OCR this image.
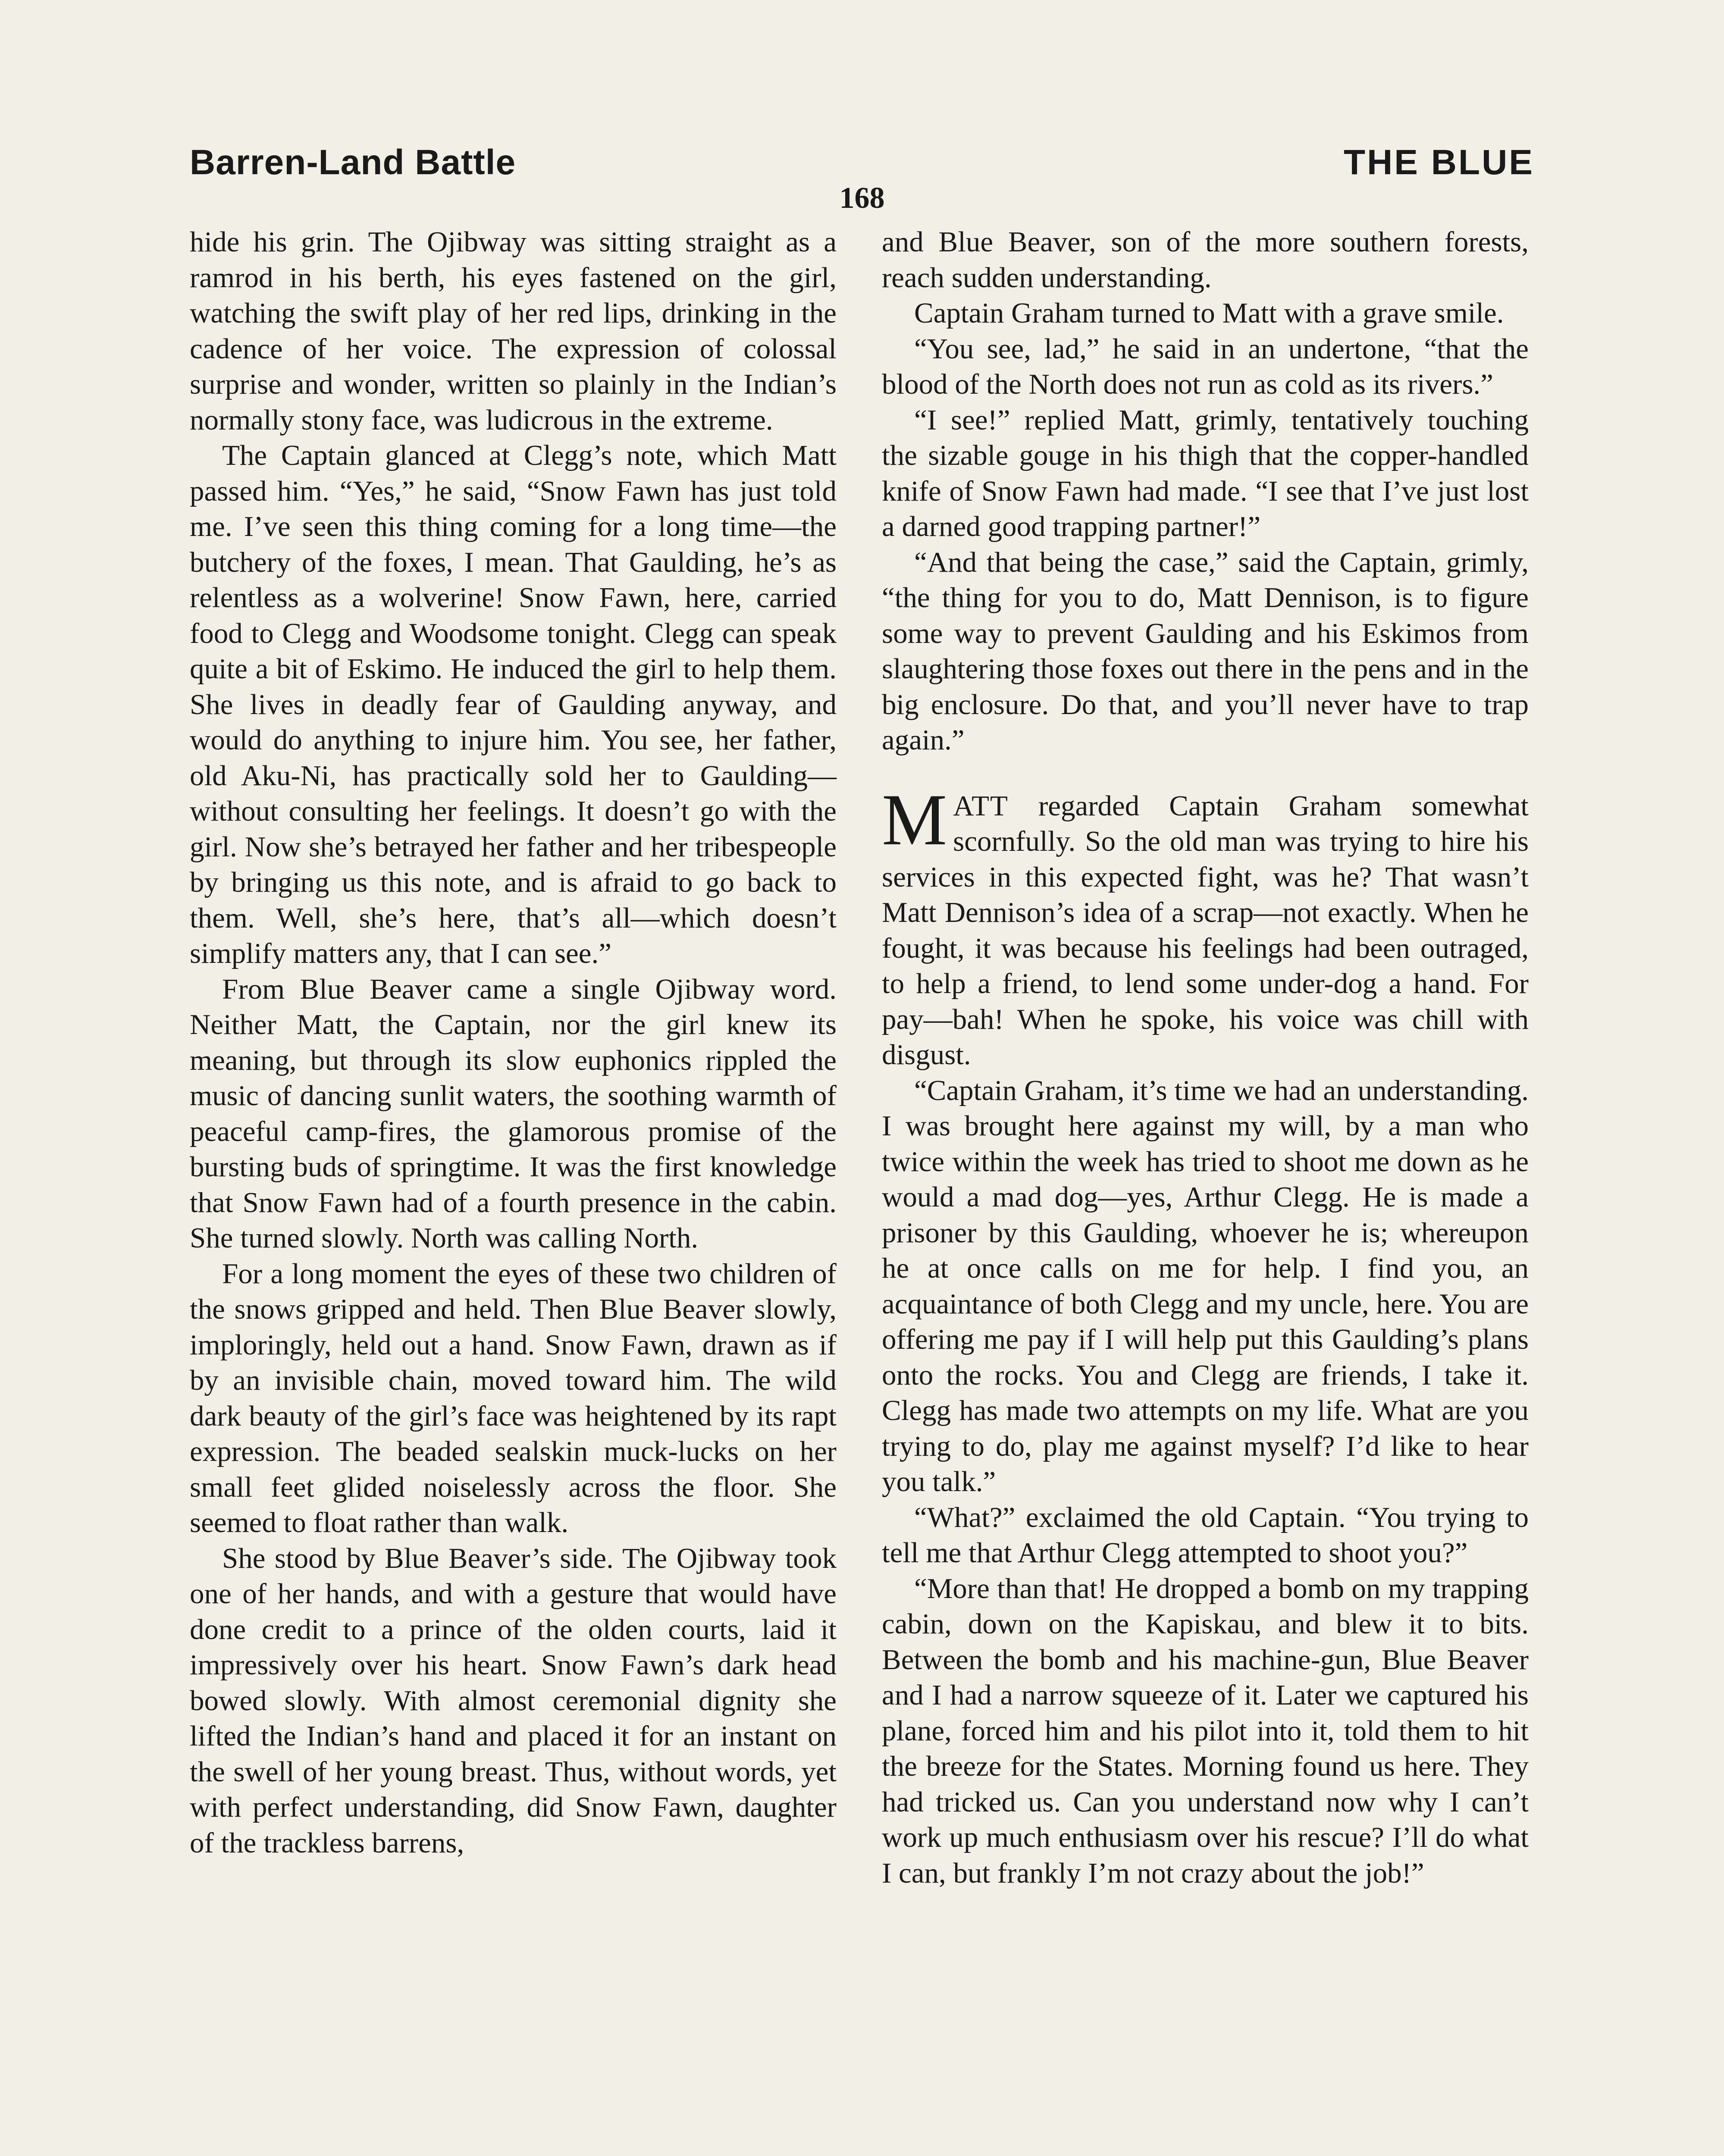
Barren-Land Battle	THE BLUE
168

hide his grin. The Ojibway was sitting straight as a ramrod in his berth, his eyes fastened on the girl, watching the swift play of her red lips, drinking in the cadence of her voice. The expression of colossal surprise and wonder, written so plainly in the Indian’s normally stony face, was ludicrous in the extreme.

The Captain glanced at Clegg’s note, which Matt passed him. “Yes,” he said, “Snow Fawn has just told me. I’ve seen this thing coming for a long time—the butchery of the foxes, I mean. That Gaulding, he’s as relentless as a wolverine! Snow Fawn, here, carried food to Clegg and Woodsome tonight. Clegg can speak quite a bit of Eskimo. He induced the girl to help them. She lives in deadly fear of Gaulding anyway, and would do anything to injure him. You see, her father, old Aku-Ni, has practically sold her to Gaulding—without consulting her feelings. It doesn’t go with the girl. Now she’s betrayed her father and her tribespeople by bringing us this note, and is afraid to go back to them. Well, she’s here, that’s all—which doesn’t simplify matters any, that I can see.”

From Blue Beaver came a single Ojibway word. Neither Matt, the Captain, nor the girl knew its meaning, but through its slow euphonics rippled the music of dancing sunlit waters, the soothing warmth of peaceful camp-fires, the glamorous promise of the bursting buds of springtime. It was the first knowledge that Snow Fawn had of a fourth presence in the cabin. She turned slowly. North was calling North.

For a long moment the eyes of these two children of the snows gripped and held. Then Blue Beaver slowly, imploringly, held out a hand. Snow Fawn, drawn as if by an invisible chain, moved toward him. The wild dark beauty of the girl’s face was heightened by its rapt expression. The beaded sealskin muck-lucks on her small feet glided noiselessly across the floor. She seemed to float rather than walk.

She stood by Blue Beaver’s side. The Ojibway took one of her hands, and with a gesture that would have done credit to a prince of the olden courts, laid it impressively over his heart. Snow Fawn’s dark head bowed slowly. With almost ceremonial dignity she lifted the Indian’s hand and placed it for an instant on the swell of her young breast. Thus, without words, yet with perfect understanding, did Snow Fawn, daughter of the trackless barrens,

and Blue Beaver, son of the more southern forests, reach sudden understanding.

Captain Graham turned to Matt with a grave smile.

“You see, lad,” he said in an undertone, “that the blood of the North does not run as cold as its rivers.”

“I see!” replied Matt, grimly, tentatively touching the sizable gouge in his thigh that the copper-handled knife of Snow Fawn had made. “I see that I’ve just lost a darned good trapping partner!”

“And that being the case,” said the Captain, grimly, “the thing for you to do, Matt Dennison, is to figure some way to prevent Gaulding and his Eskimos from slaughtering those foxes out there in the pens and in the big enclosure. Do that, and you’ll never have to trap again.”

MATT regarded Captain Graham somewhat scornfully. So the old man was trying to hire his services in this expected fight, was he? That wasn’t Matt Dennison’s idea of a scrap—not exactly. When he fought, it was because his feelings had been outraged, to help a friend, to lend some under-dog a hand. For pay—bah! When he spoke, his voice was chill with disgust.

“Captain Graham, it’s time we had an understanding. I was brought here against my will, by a man who twice within the week has tried to shoot me down as he would a mad dog—yes, Arthur Clegg. He is made a prisoner by this Gaulding, whoever he is; whereupon he at once calls on me for help. I find you, an acquaintance of both Clegg and my uncle, here. You are offering me pay if I will help put this Gaulding’s plans onto the rocks. You and Clegg are friends, I take it. Clegg has made two attempts on my life. What are you trying to do, play me against myself? I’d like to hear you talk.”

“What?” exclaimed the old Captain. “You trying to tell me that Arthur Clegg attempted to shoot you?”

“More than that! He dropped a bomb on my trapping cabin, down on the Kapiskau, and blew it to bits. Between the bomb and his machine-gun, Blue Beaver and I had a narrow squeeze of it. Later we captured his plane, forced him and his pilot into it, told them to hit the breeze for the States. Morning found us here. They had tricked us. Can you understand now why I can’t work up much enthusiasm over his rescue? I’ll do what I can, but frankly I’m not crazy about the job!”
